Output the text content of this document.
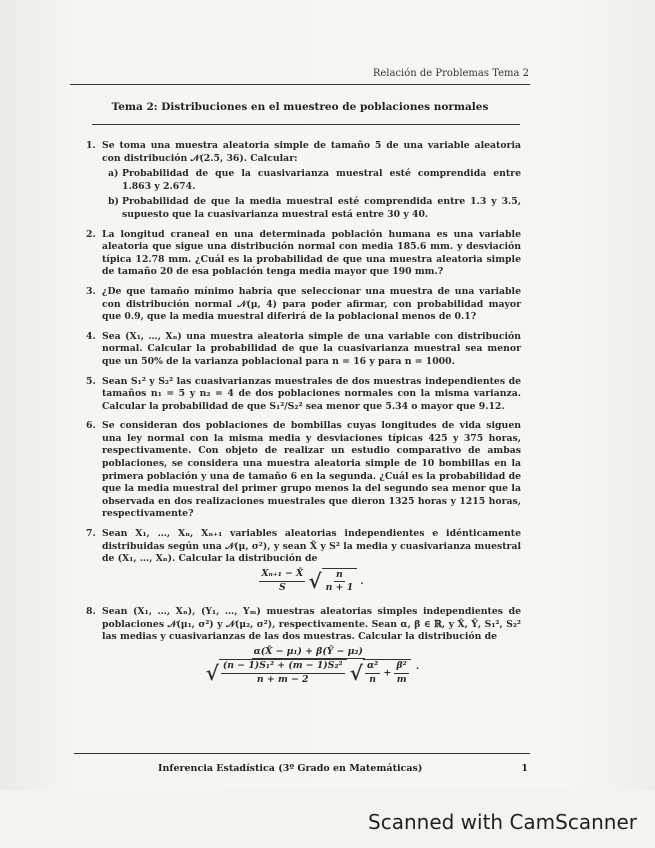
Relación de Problemas Tema 2
Tema 2: Distribuciones en el muestreo de poblaciones normales
1. Se toma una muestra aleatoria simple de tamaño 5 de una variable aleatoria con distribución 𝒩(2.5, 36). Calcular:
a) Probabilidad de que la cuasivarianza muestral esté comprendida entre 1.863 y 2.674.
b) Probabilidad de que la media muestral esté comprendida entre 1.3 y 3.5, supuesto que la cuasivarianza muestral está entre 30 y 40.
2. La longitud craneal en una determinada población humana es una variable aleatoria que sigue una distribución normal con media 185.6 mm. y desviación típica 12.78 mm. ¿Cuál es la probabilidad de que una muestra aleatoria simple de tamaño 20 de esa población tenga media mayor que 190 mm.?
3. ¿De que tamaño mínimo habría que seleccionar una muestra de una variable con distribución normal 𝒩(μ, 4) para poder afirmar, con probabilidad mayor que 0.9, que la media muestral diferirá de la poblacional menos de 0.1?
4. Sea (X₁, …, Xₙ) una muestra aleatoria simple de una variable con distribución normal. Calcular la probabilidad de que la cuasivarianza muestral sea menor que un 50% de la varianza poblacional para n = 16 y para n = 1000.
5. Sean S₁² y S₂² las cuasivarianzas muestrales de dos muestras independientes de tamaños n₁ = 5 y n₂ = 4 de dos poblaciones normales con la misma varianza. Calcular la probabilidad de que S₁²/S₂² sea menor que 5.34 o mayor que 9.12.
6. Se consideran dos poblaciones de bombillas cuyas longitudes de vida siguen una ley normal con la misma media y desviaciones típicas 425 y 375 horas, respectivamente. Con objeto de realizar un estudio comparativo de ambas poblaciones, se considera una muestra aleatoria simple de 10 bombillas en la primera población y una de tamaño 6 en la segunda. ¿Cuál es la probabilidad de que la media muestral del primer grupo menos la del segundo sea menor que la observada en dos realizaciones muestrales que dieron 1325 horas y 1215 horas, respectivamente?
7. Sean X₁, …, Xₙ, Xₙ₊₁ variables aleatorias independientes e idénticamente distribuidas según una 𝒩(μ, σ²), y sean X̄ y S² la media y cuasivarianza muestral de (X₁, …, Xₙ). Calcular la distribución de
$\frac{\text{Xₙ₊₁ − X̄}}{S}$
√ $\frac{n}{n + 1}$ .
8. Sean (X₁, …, Xₙ), (Y₁, …, Yₘ) muestras aleatorias simples independientes de poblaciones 𝒩(μ₁, σ²) y 𝒩(μ₂, σ²), respectivamente. Sean α, β ∈ ℝ, y X̄, Ȳ, S₁², S₂² las medias y cuasivarianzas de las dos muestras. Calcular la distribución de
α(X̄ − μ₁) + β(Ȳ − μ₂)
√ $\frac{\text{(n − 1)S₁² + (m − 1)S₂²}}{n + m - 2}$
√ $\frac{\text{α²}}{n} + \frac{\text{β²}}{m}$ .
Inferencia Estadística (3º Grado en Matemáticas)	1
Scanned with CamScanner
